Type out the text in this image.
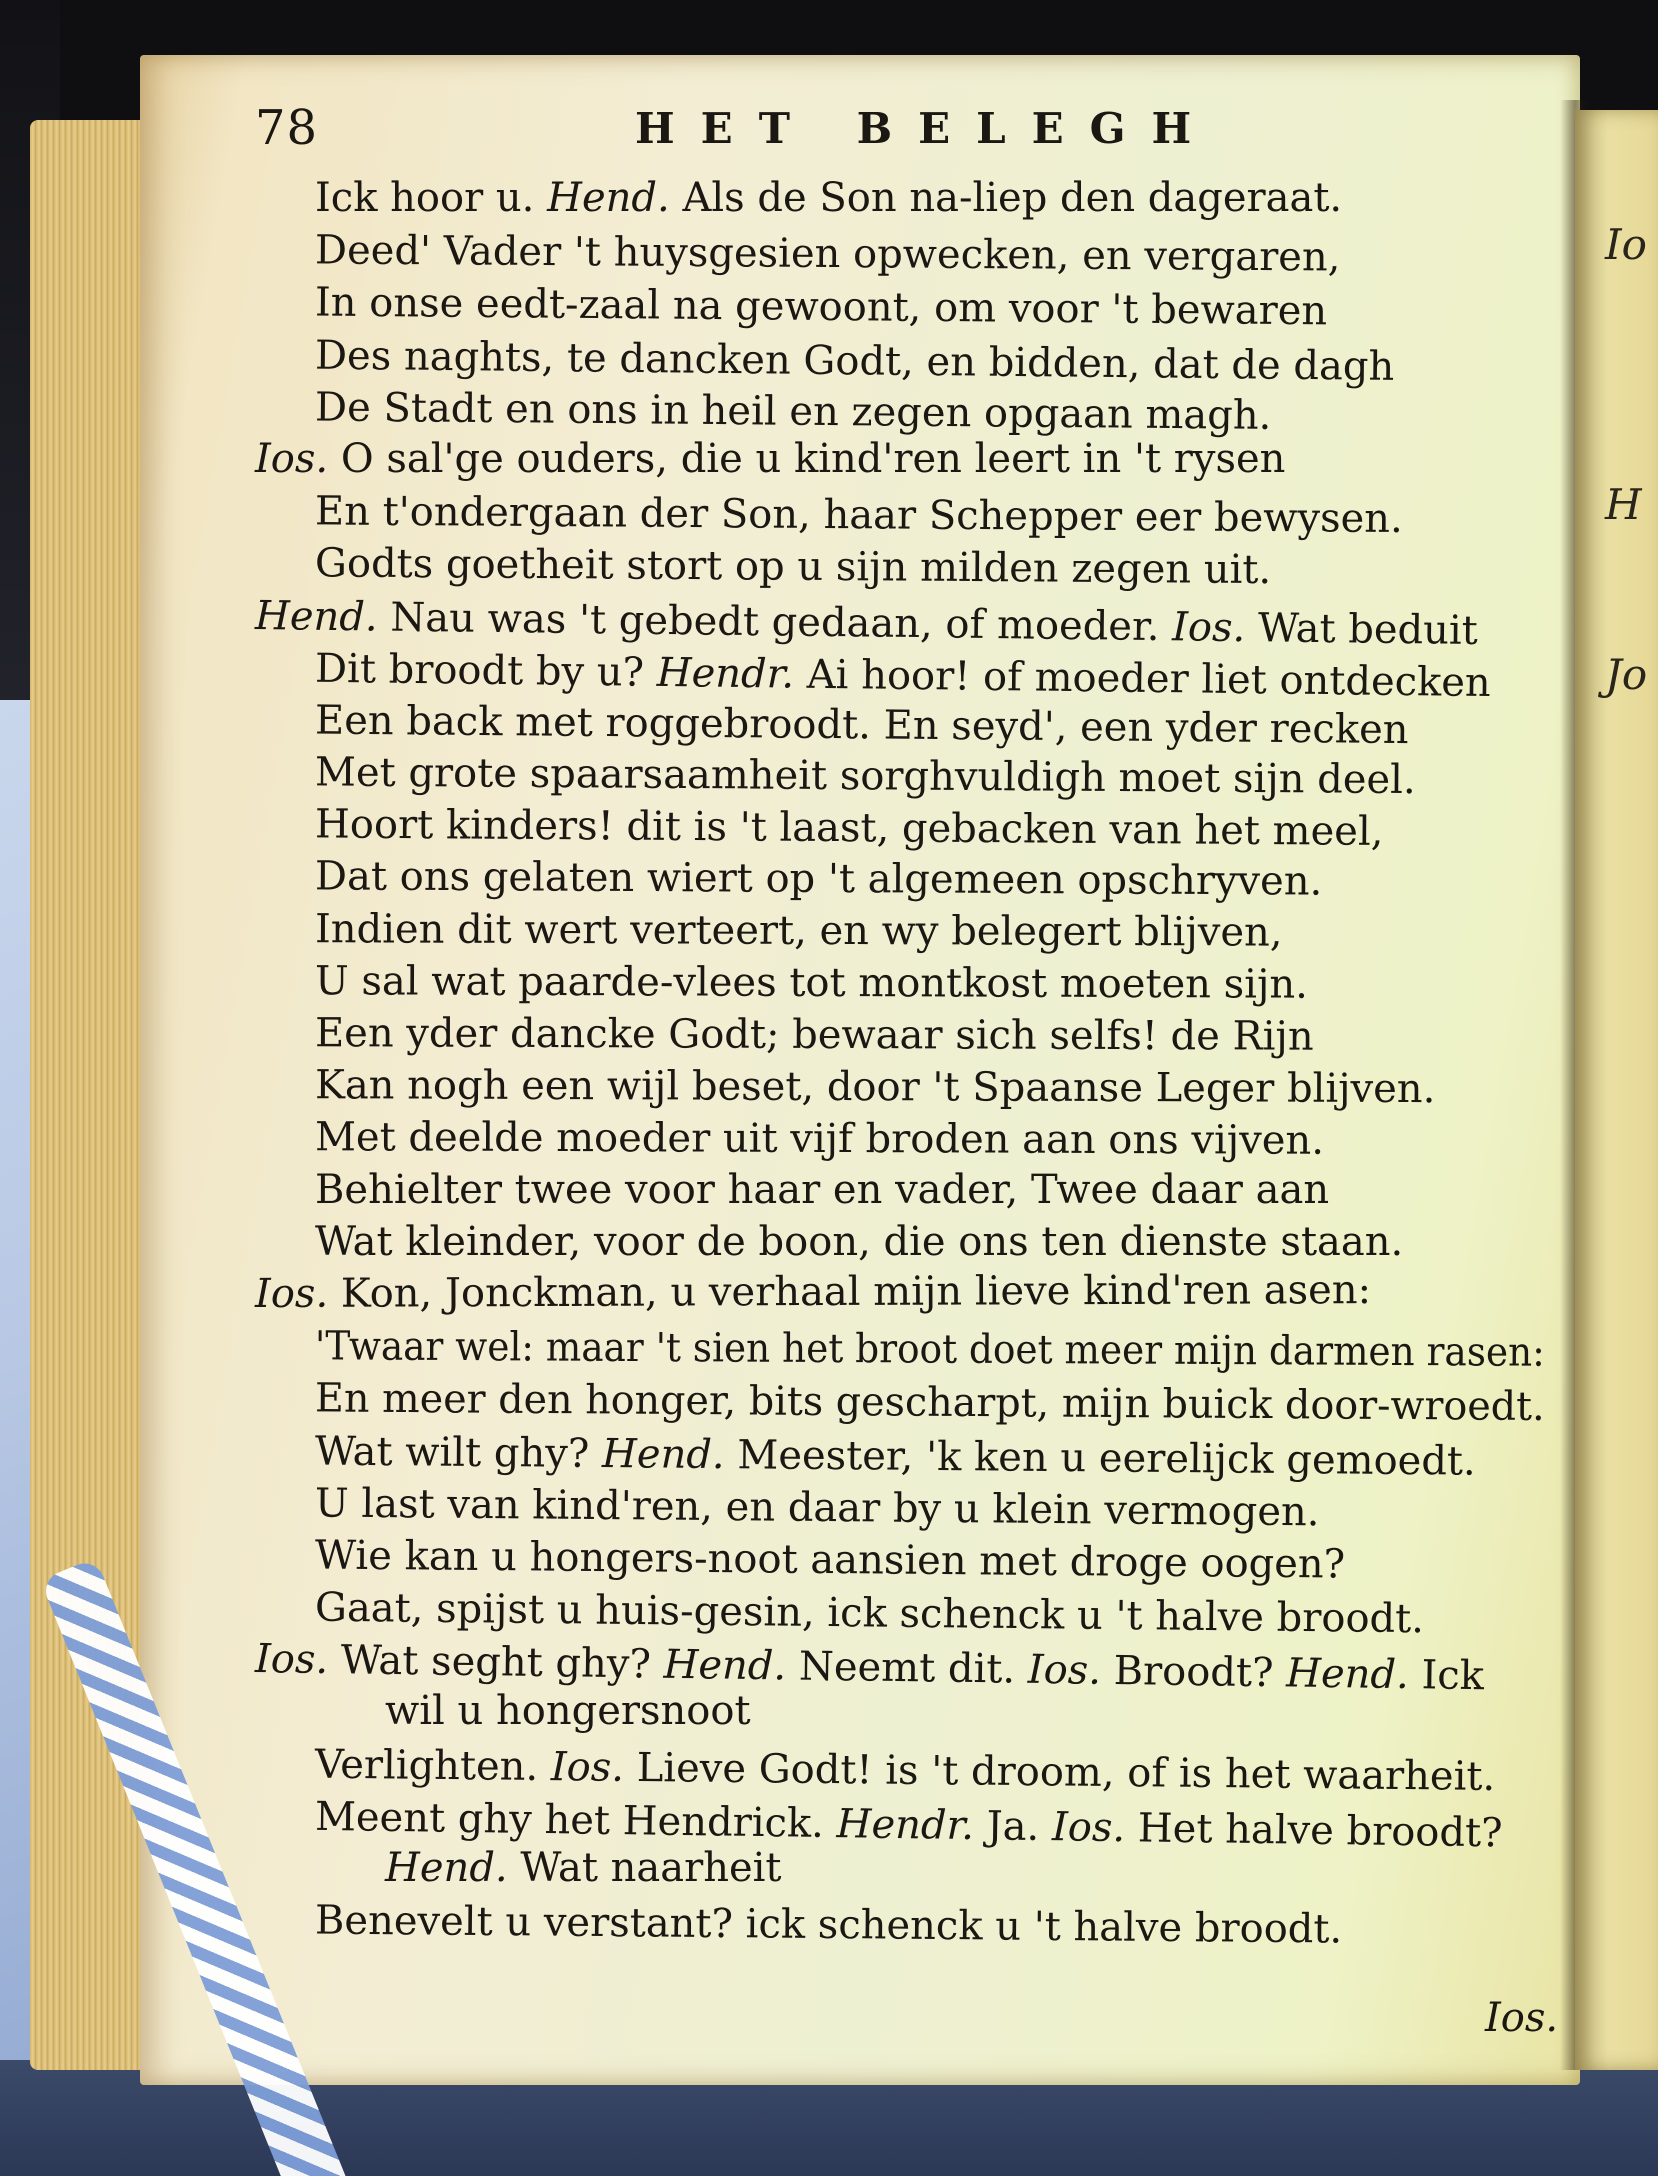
Io
H
Jo
78	HET BELEGH
Ick hoor u. Hend. Als de Son na-liep den dageraat.
Deed' Vader 't huysgesien opwecken, en vergaren,
In onse eedt-zaal na gewoont, om voor 't bewaren
Des naghts, te dancken Godt, en bidden, dat de dagh
De Stadt en ons in heil en zegen opgaan magh.
Ios. O sal'ge ouders, die u kind'ren leert in 't rysen
En t'ondergaan der Son, haar Schepper eer bewysen.
Godts goetheit stort op u sijn milden zegen uit.
Hend. Nau was 't gebedt gedaan, of moeder. Ios. Wat beduit
Dit broodt by u? Hendr. Ai hoor! of moeder liet ontdecken
Een back met roggebroodt. En seyd', een yder recken
Met grote spaarsaamheit sorghvuldigh moet sijn deel.
Hoort kinders! dit is 't laast, gebacken van het meel,
Dat ons gelaten wiert op 't algemeen opschryven.
Indien dit wert verteert, en wy belegert blijven,
U sal wat paarde-vlees tot montkost moeten sijn.
Een yder dancke Godt; bewaar sich selfs! de Rijn
Kan nogh een wijl beset, door 't Spaanse Leger blijven.
Met deelde moeder uit vijf broden aan ons vijven.
Behielter twee voor haar en vader, Twee daar aan
Wat kleinder, voor de boon, die ons ten dienste staan.
Ios. Kon, Jonckman, u verhaal mijn lieve kind'ren asen:
'Twaar wel: maar 't sien het broot doet meer mijn darmen rasen:
En meer den honger, bits gescharpt, mijn buick door-wroedt.
Wat wilt ghy? Hend. Meester, 'k ken u eerelijck gemoedt.
U last van kind'ren, en daar by u klein vermogen.
Wie kan u hongers-noot aansien met droge oogen?
Gaat, spijst u huis-gesin, ick schenck u 't halve broodt.
Ios. Wat seght ghy? Hend. Neemt dit. Ios. Broodt? Hend. Ick
wil u hongersnoot
Verlighten. Ios. Lieve Godt! is 't droom, of is het waarheit.
Meent ghy het Hendrick. Hendr. Ja. Ios. Het halve broodt?
Hend. Wat naarheit
Benevelt u verstant? ick schenck u 't halve broodt.
Ios.
